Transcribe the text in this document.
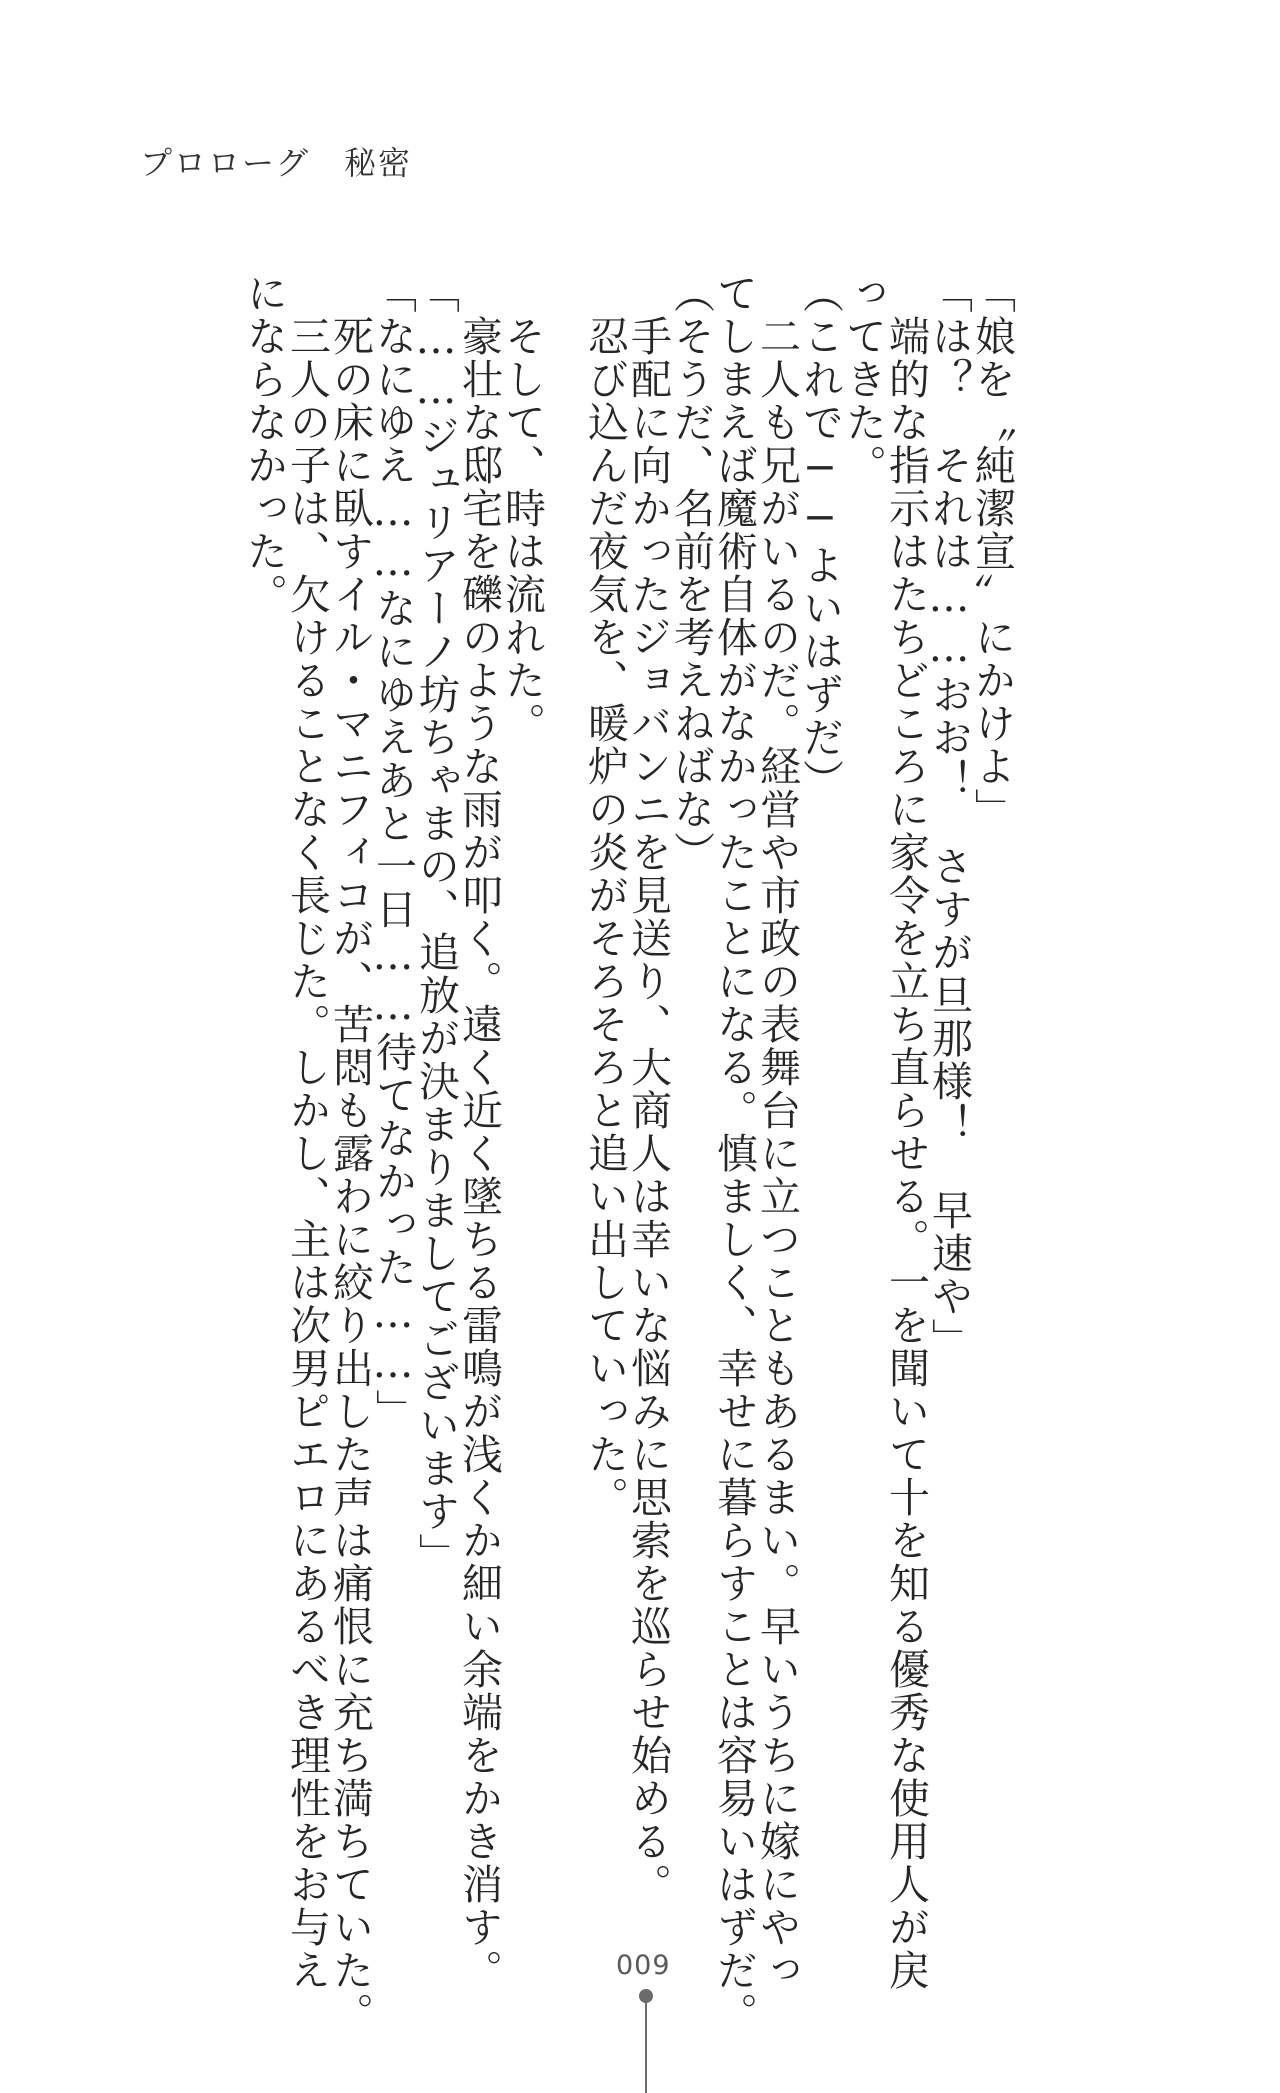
プロローグ　秘密
「娘を〝純潔宣〟にかけよ」
「は？　それは……おお！　さすが旦那様！　早速や」
　端的な指示はたちどころに家令を立ち直らせる。一を聞いて十を知る優秀な使用人が戻
ってきた。
（これで──よいはずだ）
　二人も兄がいるのだ。経営や市政の表舞台に立つこともあるまい。早いうちに嫁にやっ
てしまえば魔術自体がなかったことになる。慎ましく、幸せに暮らすことは容易いはずだ。
（そうだ、名前を考えねばな）
　手配に向かったジョバンニを見送り、大商人は幸いな悩みに思索を巡らせ始める。
　忍び込んだ夜気を、暖炉の炎がそろそろと追い出していった。
　そして、時は流れた。
　豪壮な邸宅を礫のような雨が叩く。遠く近く墜ちる雷鳴が浅くか細い余端をかき消す。
「……ジュリアーノ坊ちゃまの、追放が決まりましてございます」
「なにゆえ……なにゆえあと一日……待てなかった……」
　死の床に臥すイル・マニフィコが、苦悶も露わに絞り出した声は痛恨に充ち満ちていた。
　三人の子は、欠けることなく長じた。しかし、主は次男ピエロにあるべき理性をお与え
にならなかった。
009
